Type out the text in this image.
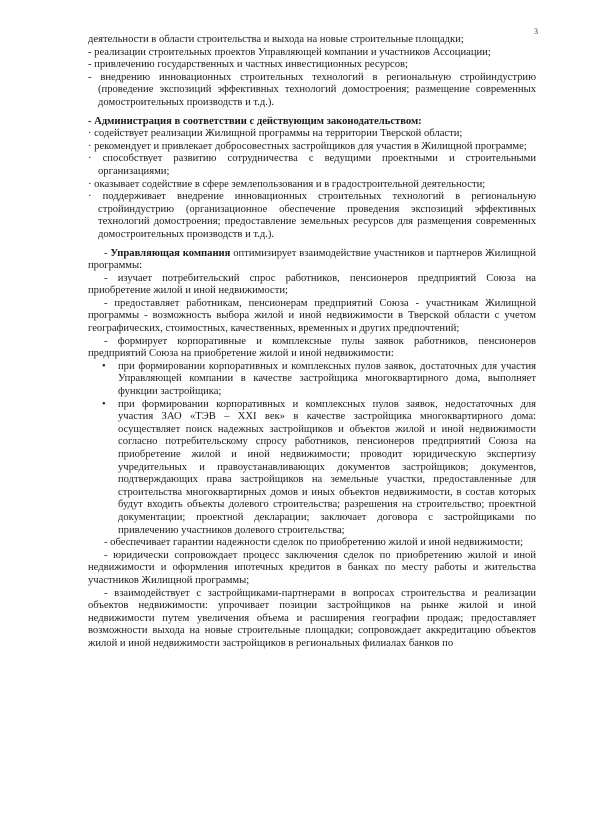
3

деятельности в области строительства и выхода на новые строительные площадки;

- реализации строительных проектов Управляющей компании и участников Ассоциации;

- привлечению государственных и частных инвестиционных ресурсов;

- внедрению инновационных строительных технологий в региональную стройиндустрию (проведение экспозиций эффективных технологий домостроения; размещение современных домостроительных производств и т.д.).

- Администрация в соответствии с действующим законодательством:

· содействует реализации Жилищной программы на территории Тверской области;

· рекомендует и привлекает добросовестных застройщиков для участия в Жилищной программе;

· способствует развитию сотрудничества с ведущими проектными и строительными организациями;

· оказывает содействие в сфере землепользования и в градостроительной деятельности;

· поддерживает внедрение инновационных строительных технологий в региональную стройиндустрию (организационное обеспечение проведения экспозиций эффективных технологий домостроения; предоставление земельных ресурсов для размещения современных домостроительных производств и т.д.).

- Управляющая компания оптимизирует взаимодействие участников и партнеров Жилищной программы:

- изучает потребительский спрос работников, пенсионеров предприятий Союза на приобретение жилой и иной недвижимости;

- предоставляет работникам, пенсионерам предприятий Союза - участникам Жилищной программы - возможность выбора жилой и иной недвижимости в Тверской области с учетом географических, стоимостных, качественных, временных и других предпочтений;

- формирует корпоративные и комплексные пулы заявок работников, пенсионеров предприятий Союза на приобретение жилой и иной недвижимости:

• при формировании корпоративных и комплексных пулов заявок, достаточных для участия Управляющей компании в качестве застройщика многоквартирного дома, выполняет функции застройщика;
• при формировании корпоративных и комплексных пулов заявок, недостаточных для участия ЗАО «ТЭВ – XXI век» в качестве застройщика многоквартирного дома: осуществляет поиск надежных застройщиков и объектов жилой и иной недвижимости согласно потребительскому спросу работников, пенсионеров предприятий Союза на приобретение жилой и иной недвижимости; проводит юридическую экспертизу учредительных и правоустанавливающих документов застройщиков; документов, подтверждающих права застройщиков на земельные участки, предоставленные для строительства многоквартирных домов и иных объектов недвижимости, в состав которых будут входить объекты долевого строительства; разрешения на строительство; проектной документации; проектной декларации; заключает договора с застройщиками по привлечению участников долевого строительства;

- обеспечивает гарантии надежности сделок по приобретению жилой и иной недвижимости;

- юридически сопровождает процесс заключения сделок по приобретению жилой и иной недвижимости и оформления ипотечных кредитов в банках по месту работы и жительства участников Жилищной программы;

- взаимодействует с застройщиками-партнерами в вопросах строительства и реализации объектов недвижимости: упрочивает позиции застройщиков на рынке жилой и иной недвижимости путем увеличения объема и расширения географии продаж; предоставляет возможности выхода на новые строительные площадки; сопровождает аккредитацию объектов жилой и иной недвижимости застройщиков в региональных филиалах банков по
